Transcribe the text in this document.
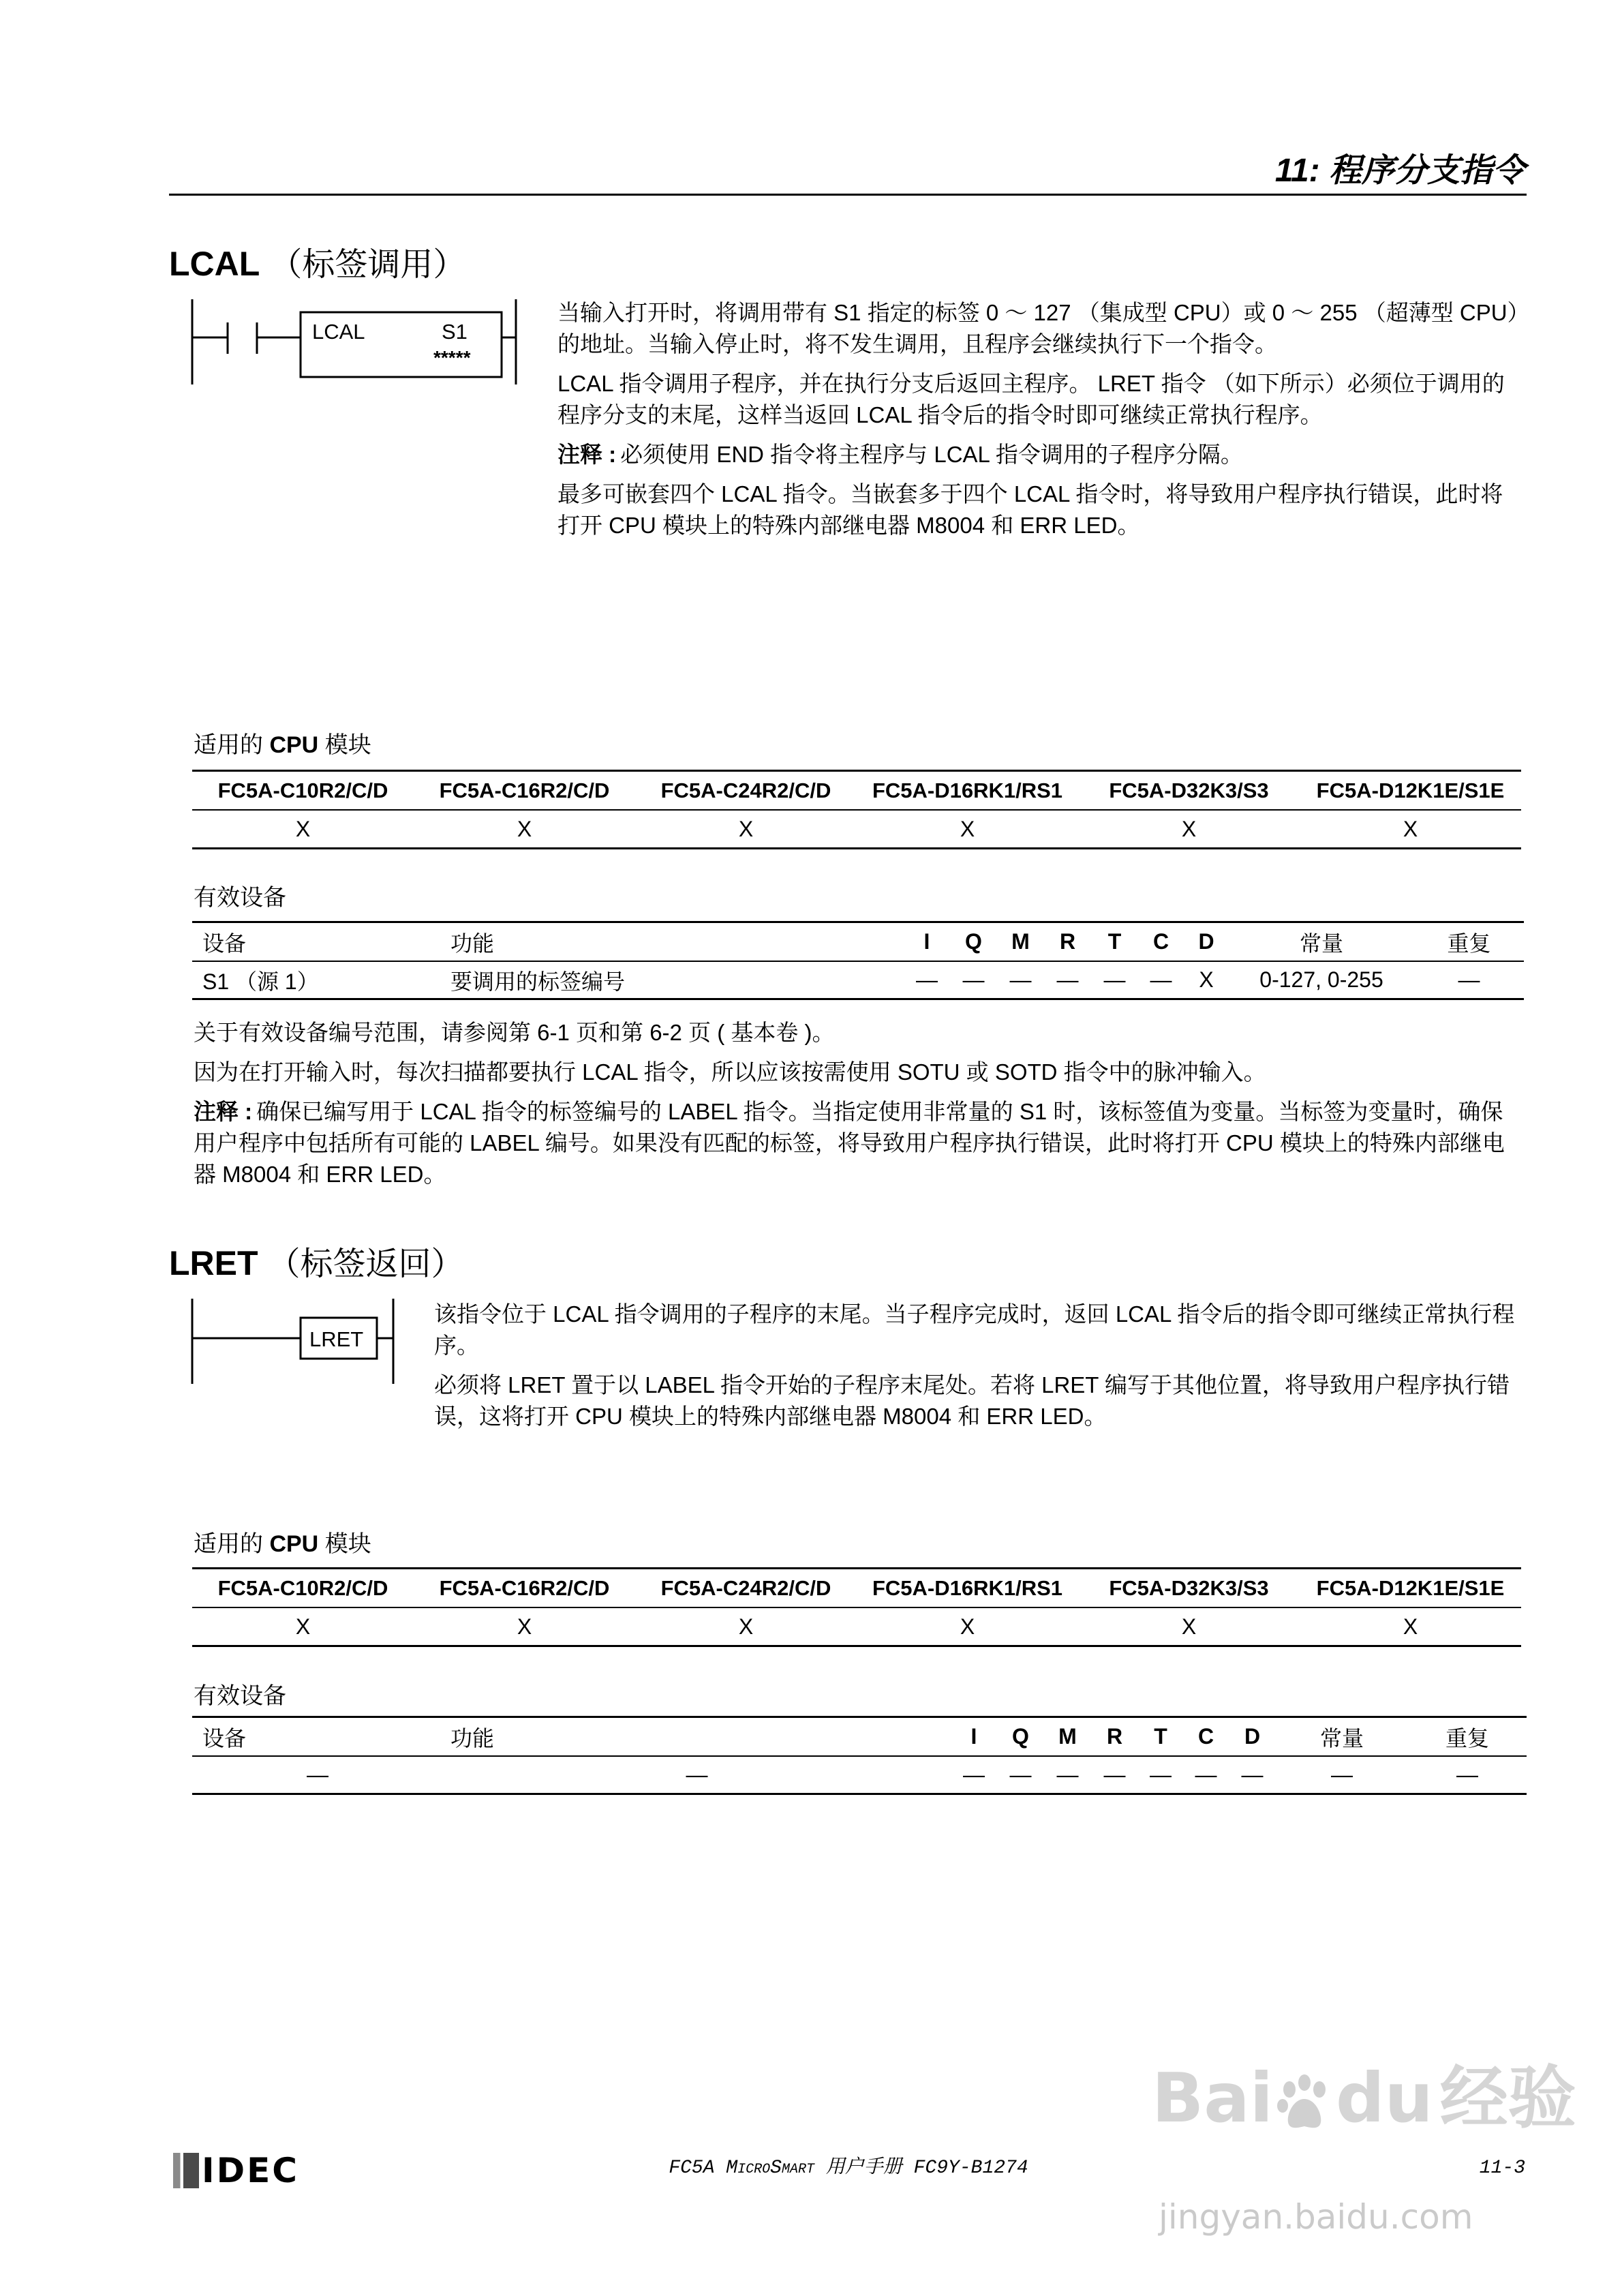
11: 程序分支指令
LCAL （标签调用）
LCAL	S1
*****

当输入打开时，将调用带有 S1 指定的标签 0 ～ 127 （集成型 CPU）或 0 ～ 255 （超薄型 CPU）的地址。当输入停止时，将不发生调用，且程序会继续执行下一个指令。

LCAL 指令调用子程序，并在执行分支后返回主程序。 LRET 指令 （如下所示）必须位于调用的程序分支的末尾，这样当返回 LCAL 指令后的指令时即可继续正常执行程序。

注释 : 必须使用 END 指令将主程序与 LCAL 指令调用的子程序分隔。

最多可嵌套四个 LCAL 指令。当嵌套多于四个 LCAL 指令时，将导致用户程序执行错误，此时将打开 CPU 模块上的特殊内部继电器 M8004 和 ERR LED。

适用的 CPU 模块
FC5A-C10R2/C/D	FC5A-C16R2/C/D	FC5A-C24R2/C/D	FC5A-D16RK1/RS1	FC5A-D32K3/S3	FC5A-D12K1E/S1E
X	X	X	X	X	X
有效设备
设备	功能	I	Q	M	R	T	C	D	常量	重复
S1 （源 1）	要调用的标签编号	—	—	—	—	—	—	X	0-127, 0-255	—

关于有效设备编号范围，请参阅第 6-1 页和第 6-2 页 ( 基本卷 )。

因为在打开输入时，每次扫描都要执行 LCAL 指令，所以应该按需使用 SOTU 或 SOTD 指令中的脉冲输入。

注释 : 确保已编写用于 LCAL 指令的标签编号的 LABEL 指令。当指定使用非常量的 S1 时，该标签值为变量。当标签为变量时，确保用户程序中包括所有可能的 LABEL 编号。如果没有匹配的标签，将导致用户程序执行错误，此时将打开 CPU 模块上的特殊内部继电器 M8004 和 ERR LED。

LRET （标签返回）
LRET

该指令位于 LCAL 指令调用的子程序的末尾。当子程序完成时，返回 LCAL 指令后的指令即可继续正常执行程序。

必须将 LRET 置于以 LABEL 指令开始的子程序末尾处。若将 LRET 编写于其他位置，将导致用户程序执行错误，这将打开 CPU 模块上的特殊内部继电器 M8004 和 ERR LED。

适用的 CPU 模块
FC5A-C10R2/C/D	FC5A-C16R2/C/D	FC5A-C24R2/C/D	FC5A-D16RK1/RS1	FC5A-D32K3/S3	FC5A-D12K1E/S1E
X	X	X	X	X	X
有效设备
设备	功能	I	Q	M	R	T	C	D	常量	重复
—	—	—	—	—	—	—	—	—	—	—
IDEC	FC5A MicroSmart 用户手册 FC9Y-B1274	11-3
Bai du 经验
jingyan.baidu.com
